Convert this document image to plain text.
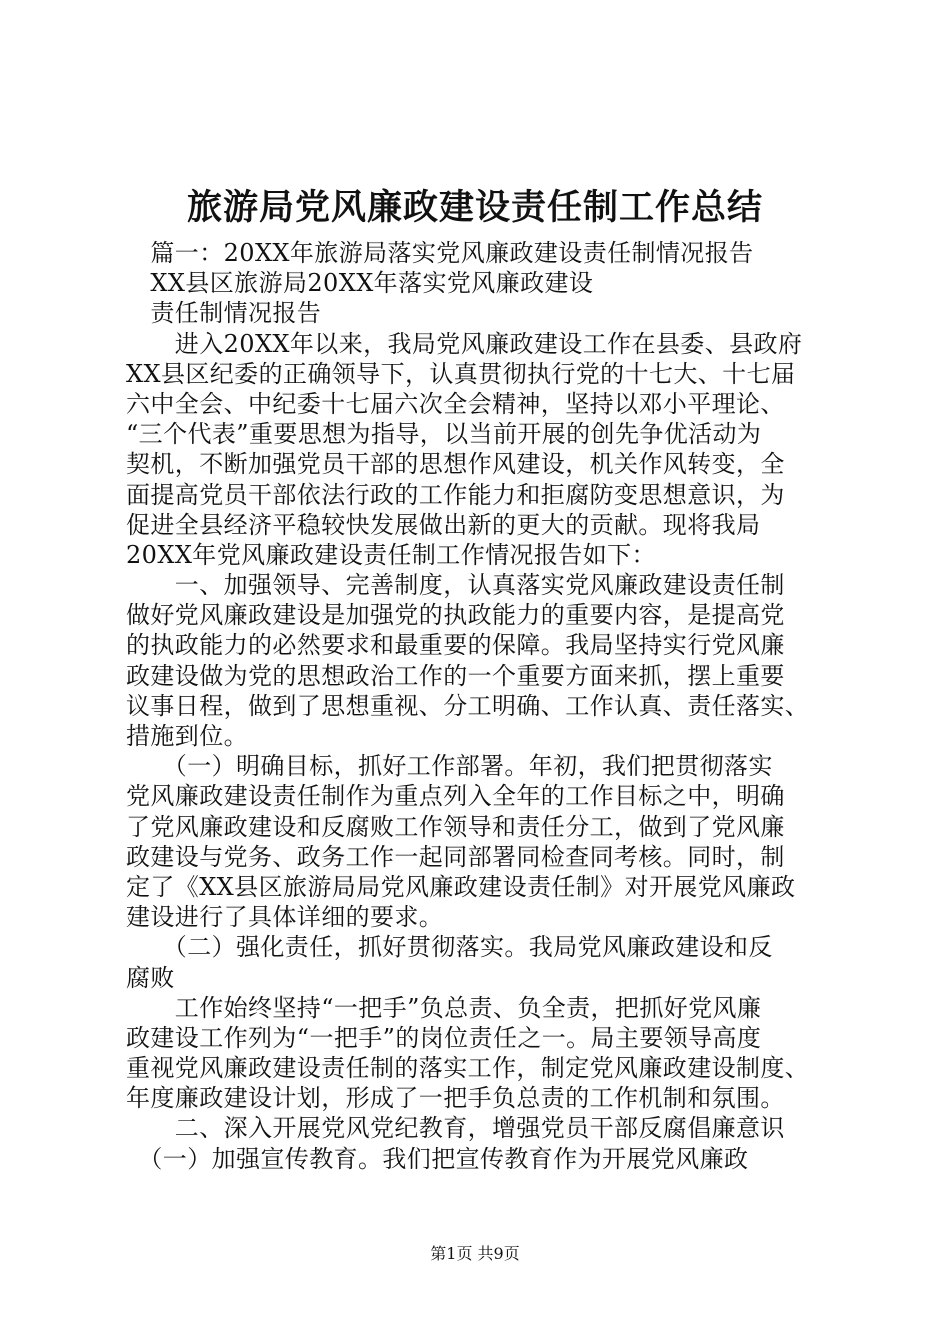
旅游局党风廉政建设责任制工作总结
　篇一：20XX年旅游局落实党风廉政建设责任制情况报告
　XX县区旅游局20XX年落实党风廉政建设
　责任制情况报告
　　进入20XX年以来，我局党风廉政建设工作在县委、县政府
XX县区纪委的正确领导下，认真贯彻执行党的十七大、十七届
六中全会、中纪委十七届六次全会精神，坚持以邓小平理论、
“三个代表”重要思想为指导，以当前开展的创先争优活动为
契机，不断加强党员干部的思想作风建设，机关作风转变，全
面提高党员干部依法行政的工作能力和拒腐防变思想意识，为
促进全县经济平稳较快发展做出新的更大的贡献。现将我局
20XX年党风廉政建设责任制工作情况报告如下：
　　一、加强领导、完善制度，认真落实党风廉政建设责任制
做好党风廉政建设是加强党的执政能力的重要内容，是提高党
的执政能力的必然要求和最重要的保障。我局坚持实行党风廉
政建设做为党的思想政治工作的一个重要方面来抓，摆上重要
议事日程，做到了思想重视、分工明确、工作认真、责任落实、
措施到位。
　　（一）明确目标，抓好工作部署。年初，我们把贯彻落实
党风廉政建设责任制作为重点列入全年的工作目标之中，明确
了党风廉政建设和反腐败工作领导和责任分工，做到了党风廉
政建设与党务、政务工作一起同部署同检查同考核。同时，制
定了《XX县区旅游局局党风廉政建设责任制》对开展党风廉政
建设进行了具体详细的要求。
　　（二）强化责任，抓好贯彻落实。我局党风廉政建设和反
腐败
　　工作始终坚持“一把手”负总责、负全责，把抓好党风廉
政建设工作列为“一把手”的岗位责任之一。局主要领导高度
重视党风廉政建设责任制的落实工作，制定党风廉政建设制度、
年度廉政建设计划，形成了一把手负总责的工作机制和氛围。
　　二、深入开展党风党纪教育，增强党员干部反腐倡廉意识
　（一）加强宣传教育。我们把宣传教育作为开展党风廉政
第1页 共9页
